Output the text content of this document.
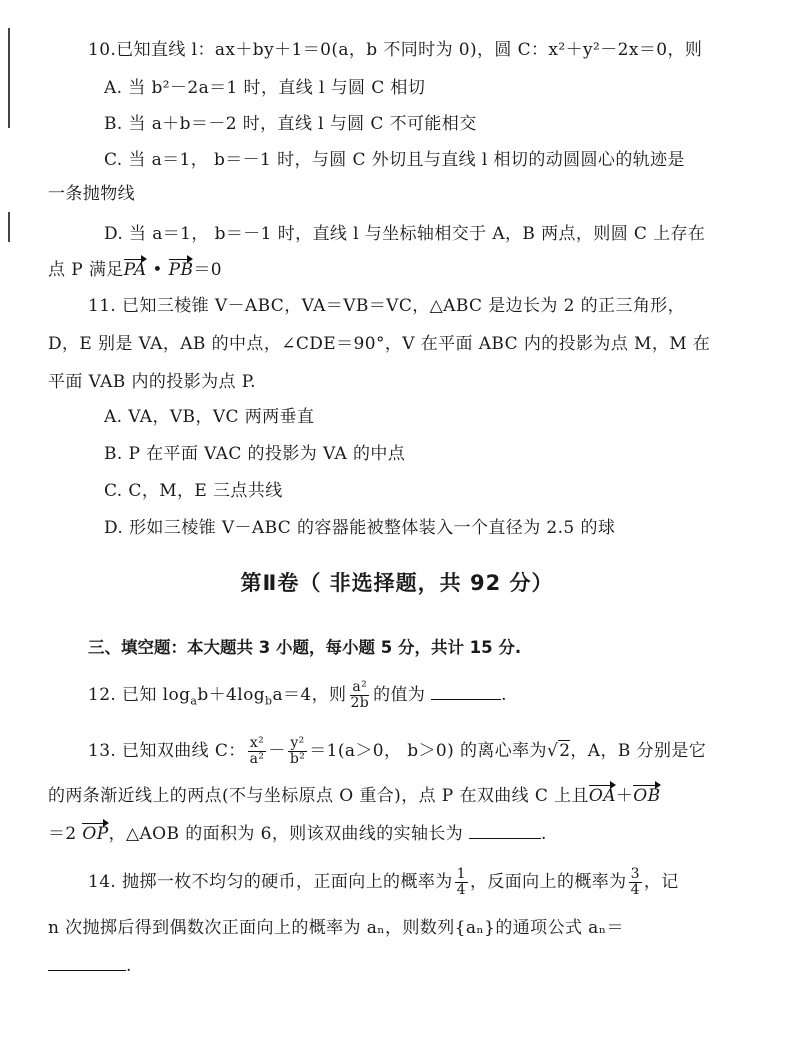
10.已知直线 l：ax＋by＋1＝0(a，b 不同时为 0)，圆 C：x²＋y²－2x＝0，则
A. 当 b²－2a＝1 时，直线 l 与圆 C 相切
B. 当 a＋b＝－2 时，直线 l 与圆 C 不可能相交
C. 当 a＝1， b＝－1 时，与圆 C 外切且与直线 l 相切的动圆圆心的轨迹是
一条抛物线
D. 当 a＝1， b＝－1 时，直线 l 与坐标轴相交于 A，B 两点，则圆 C 上存在
点 P 满足PA • PB＝0
11. 已知三棱锥 V－ABC，VA＝VB＝VC，△ABC 是边长为 2 的正三角形，
D，E 别是 VA，AB 的中点，∠CDE＝90°，V 在平面 ABC 内的投影为点 M，M 在
平面 VAB 内的投影为点 P.
A. VA，VB，VC 两两垂直
B. P 在平面 VAC 的投影为 VA 的中点
C. C，M，E 三点共线
D. 形如三棱锥 V－ABC 的容器能被整体装入一个直径为 2.5 的球
第Ⅱ卷（ 非选择题，共 92 分）
三、填空题：本大题共 3 小题，每小题 5 分，共计 15 分.
12. 已知 $\log_ab+4\log_ba=4$，则 $\frac{\text{a²}}{2b}$ 的值为	.
13. 已知双曲线 C： $\frac{\text{x²}}{\text{a²}} - \frac{\text{y²}}{\text{b²}} =1(a>0$， b＞0) 的离心率为√2，A，B 分别是它
的两条渐近线上的两点(不与坐标原点 O 重合)，点 P 在双曲线 C 上且OA＋OB
＝2 OP，△AOB 的面积为 6，则该双曲线的实轴长为	.
14. 抛掷一枚不均匀的硬币，正面向上的概率为 $\frac{1}{4}$ ，反面向上的概率为 $\frac{3}{4}$ ，记
n 次抛掷后得到偶数次正面向上的概率为 aₙ，则数列{aₙ}的通项公式 aₙ＝
.
